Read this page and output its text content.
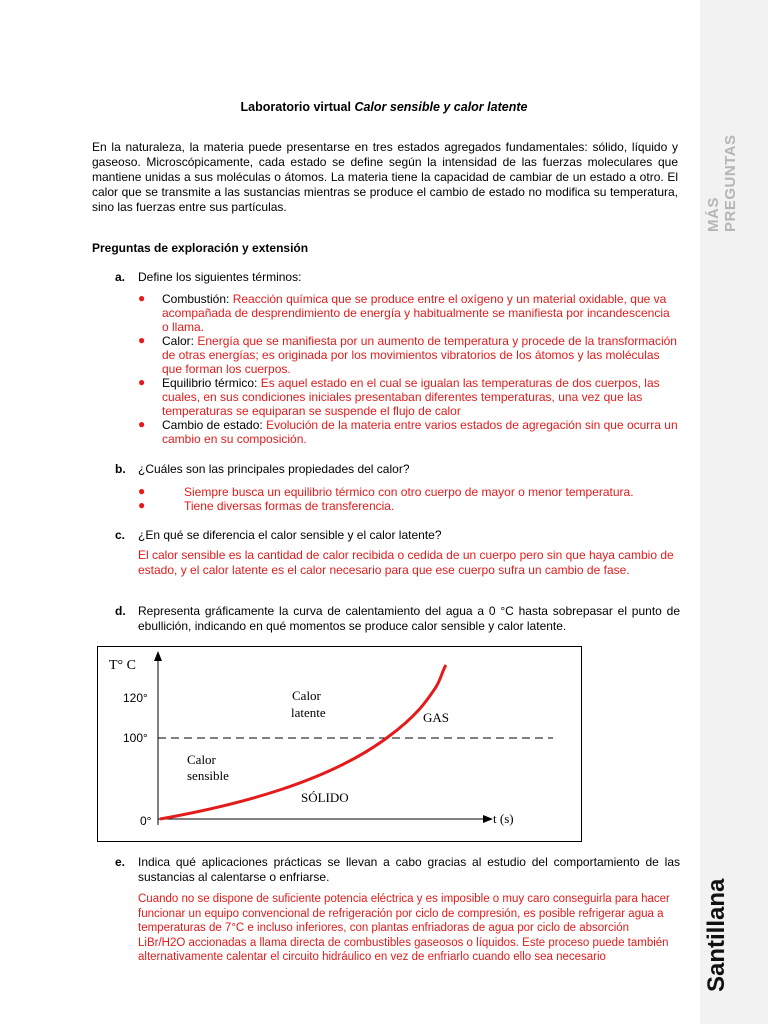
Laboratorio virtual Calor sensible y calor latente
En la naturaleza, la materia puede presentarse en tres estados agregados fundamentales: sólido, líquido y gaseoso. Microscópicamente, cada estado se define según la intensidad de las fuerzas moleculares que mantiene unidas a sus moléculas o átomos. La materia tiene la capacidad de cambiar de un estado a otro. El calor que se transmite a las sustancias mientras se produce el cambio de estado no modifica su temperatura, sino las fuerzas entre sus partículas.
Preguntas de exploración y extensión
a. Define los siguientes términos:
● Combustión: Reacción química que se produce entre el oxígeno y un material oxidable, que va acompañada de desprendimiento de energía y habitualmente se manifiesta por incandescencia o llama.
● Calor: Energía que se manifiesta por un aumento de temperatura y procede de la transformación de otras energías; es originada por los movimientos vibratorios de los átomos y las moléculas que forman los cuerpos.
● Equilibrio térmico: Es aquel estado en el cual se igualan las temperaturas de dos cuerpos, las cuales, en sus condiciones iniciales presentaban diferentes temperaturas, una vez que las temperaturas se equiparan se suspende el flujo de calor
● Cambio de estado: Evolución de la materia entre varios estados de agregación sin que ocurra un cambio en su composición.
b. ¿Cuáles son las principales propiedades del calor?
●	Siempre busca un equilibrio térmico con otro cuerpo de mayor o menor temperatura.
●	Tiene diversas formas de transferencia.
c. ¿En qué se diferencia el calor sensible y el calor latente?
El calor sensible es la cantidad de calor recibida o cedida de un cuerpo pero sin que haya cambio de estado, y el calor latente es el calor necesario para que ese cuerpo sufra un cambio de fase.
d. Representa gráficamente la curva de calentamiento del agua a 0 °C hasta sobrepasar el punto de ebullición, indicando en qué momentos se produce calor sensible y calor latente.
T° C
t (s)
120°
100°
0°
Calor
latente	GAS
Calor
sensible
SÓLIDO
e. Indica qué aplicaciones prácticas se llevan a cabo gracias al estudio del comportamiento de las sustancias al calentarse o enfriarse.
Cuando no se dispone de suficiente potencia eléctrica y es imposible o muy caro conseguirla para hacer funcionar un equipo convencional de refrigeración por ciclo de compresión, es posible refrigerar agua a temperaturas de 7°C e incluso inferiores, con plantas enfriadoras de agua por ciclo de absorción LiBr/H2O accionadas a llama directa de combustibles gaseosos o líquidos. Este proceso puede también alternativamente calentar el circuito hidráulico en vez de enfriarlo cuando ello sea necesario
MÁS PREGUNTAS
Santillana
